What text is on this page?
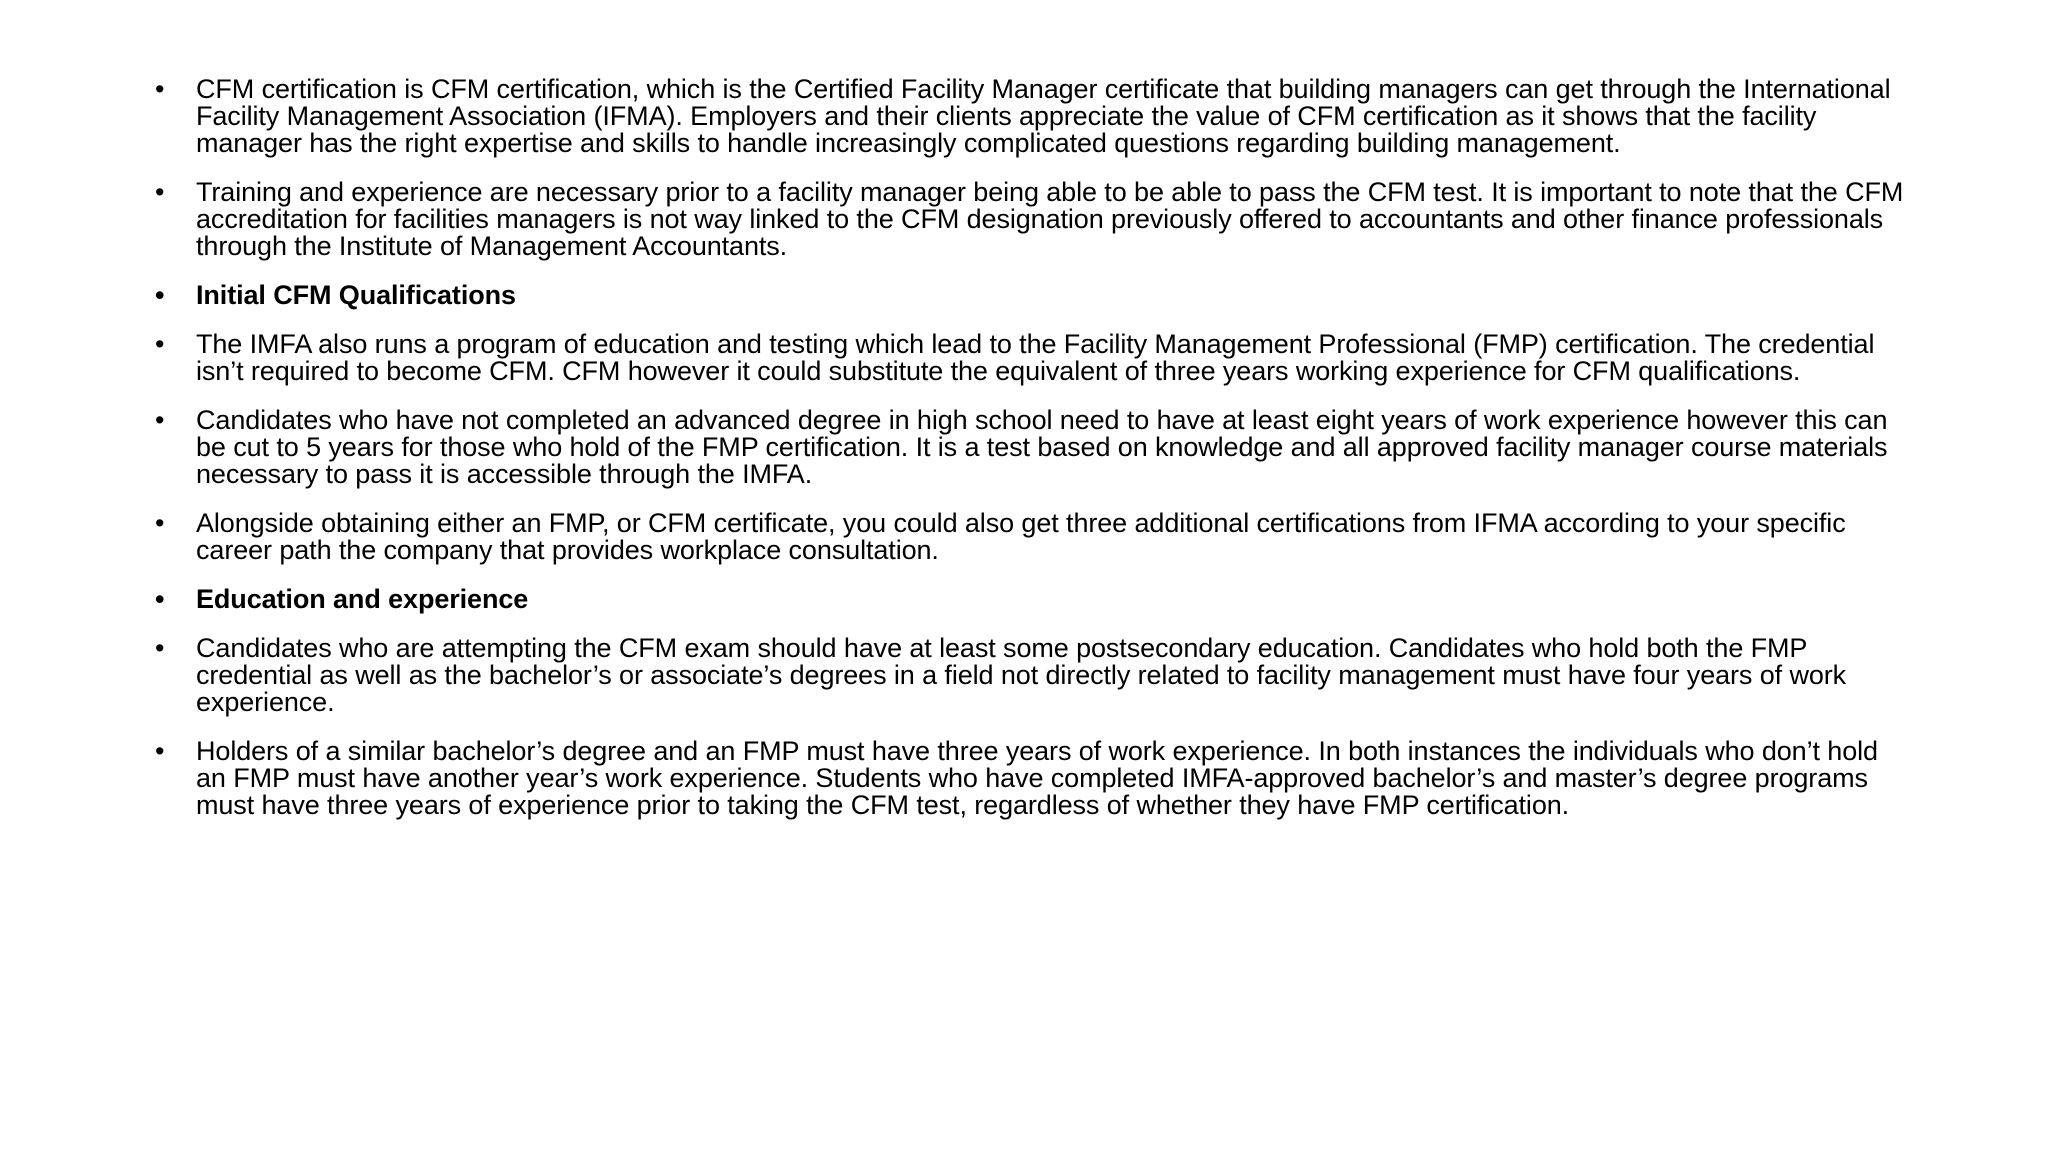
•	CFM certification is CFM certification, which is the Certified Facility Manager certificate that building managers can get through the International Facility Management Association (IFMA). Employers and their clients appreciate the value of CFM certification as it shows that the facility manager has the right expertise and skills to handle increasingly complicated questions regarding building management.
•	Training and experience are necessary prior to a facility manager being able to be able to pass the CFM test. It is important to note that the CFM accreditation for facilities managers is not way linked to the CFM designation previously offered to accountants and other finance professionals through the Institute of Management Accountants.
•	Initial CFM Qualifications
•	The IMFA also runs a program of education and testing which lead to the Facility Management Professional (FMP) certification. The credential isn’t required to become CFM. CFM however it could substitute the equivalent of three years working experience for CFM qualifications.
•	Candidates who have not completed an advanced degree in high school need to have at least eight years of work experience however this can be cut to 5 years for those who hold of the FMP certification. It is a test based on knowledge and all approved facility manager course materials necessary to pass it is accessible through the IMFA.
•	Alongside obtaining either an FMP, or CFM certificate, you could also get three additional certifications from IFMA according to your specific career path the company that provides workplace consultation.
•	Education and experience
•	Candidates who are attempting the CFM exam should have at least some postsecondary education. Candidates who hold both the FMP credential as well as the bachelor’s or associate’s degrees in a field not directly related to facility management must have four years of work experience.
•	Holders of a similar bachelor’s degree and an FMP must have three years of work experience. In both instances the individuals who don’t hold an FMP must have another year’s work experience. Students who have completed IMFA-approved bachelor’s and master’s degree programs must have three years of experience prior to taking the CFM test, regardless of whether they have FMP certification.
